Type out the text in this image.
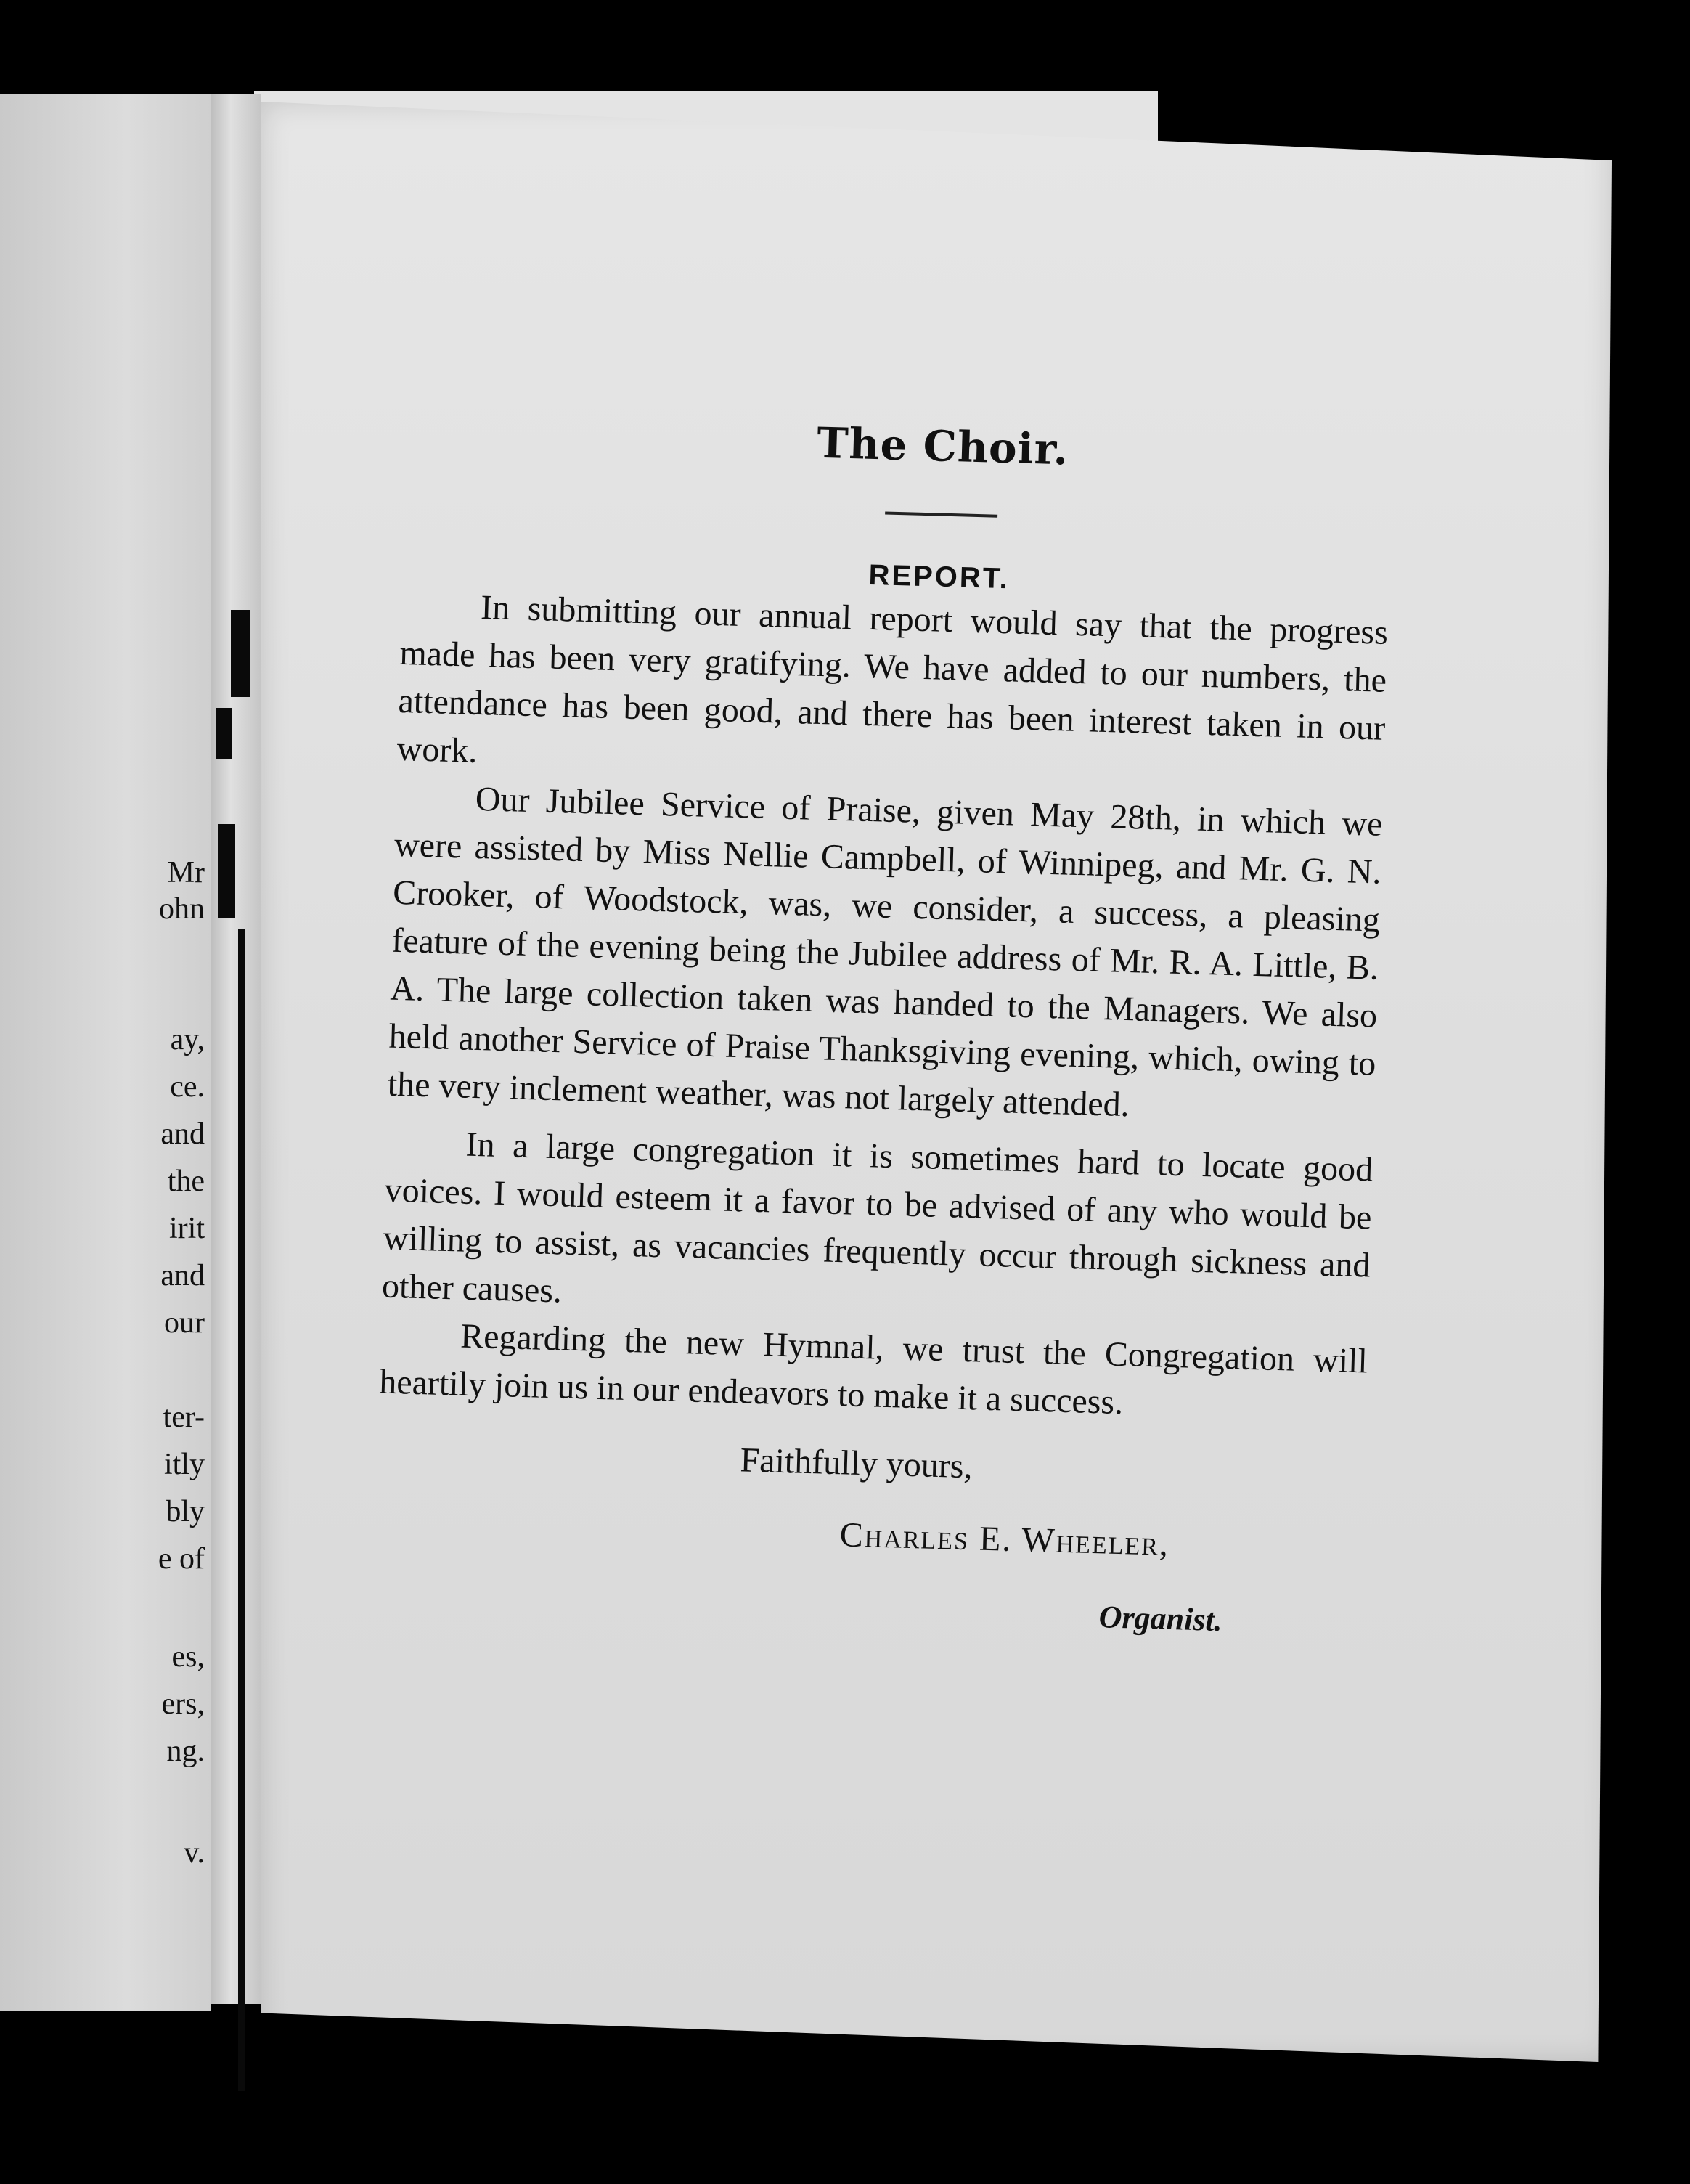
Mr
ohn
ay,
ce.
and
the
irit
and
our
ter-
itly
bly
e of
es,
ers,
ng.
v.
The Choir.
REPORT.

In submitting our annual report would say that the progress made has been very gratifying. We have added to our numbers, the attendance has been good, and there has been interest taken in our work.

Our Jubilee Service of Praise, given May 28th, in which we were assisted by Miss Nellie Campbell, of Winnipeg, and Mr. G. N. Crooker, of Woodstock, was, we consider, a success, a pleasing feature of the evening being the Jubilee address of Mr. R. A. Little, B. A. The large collection taken was handed to the Managers. We also held another Service of Praise Thanksgiving evening, which, owing to the very inclement weather, was not largely attended.

In a large congregation it is sometimes hard to locate good voices. I would esteem it a favor to be advised of any who would be willing to assist, as vacancies frequently occur through sickness and other causes.

Regarding the new Hymnal, we trust the Congregation will heartily join us in our endeavors to make it a success.

Faithfully yours,
Charles E. Wheeler,
Organist.
